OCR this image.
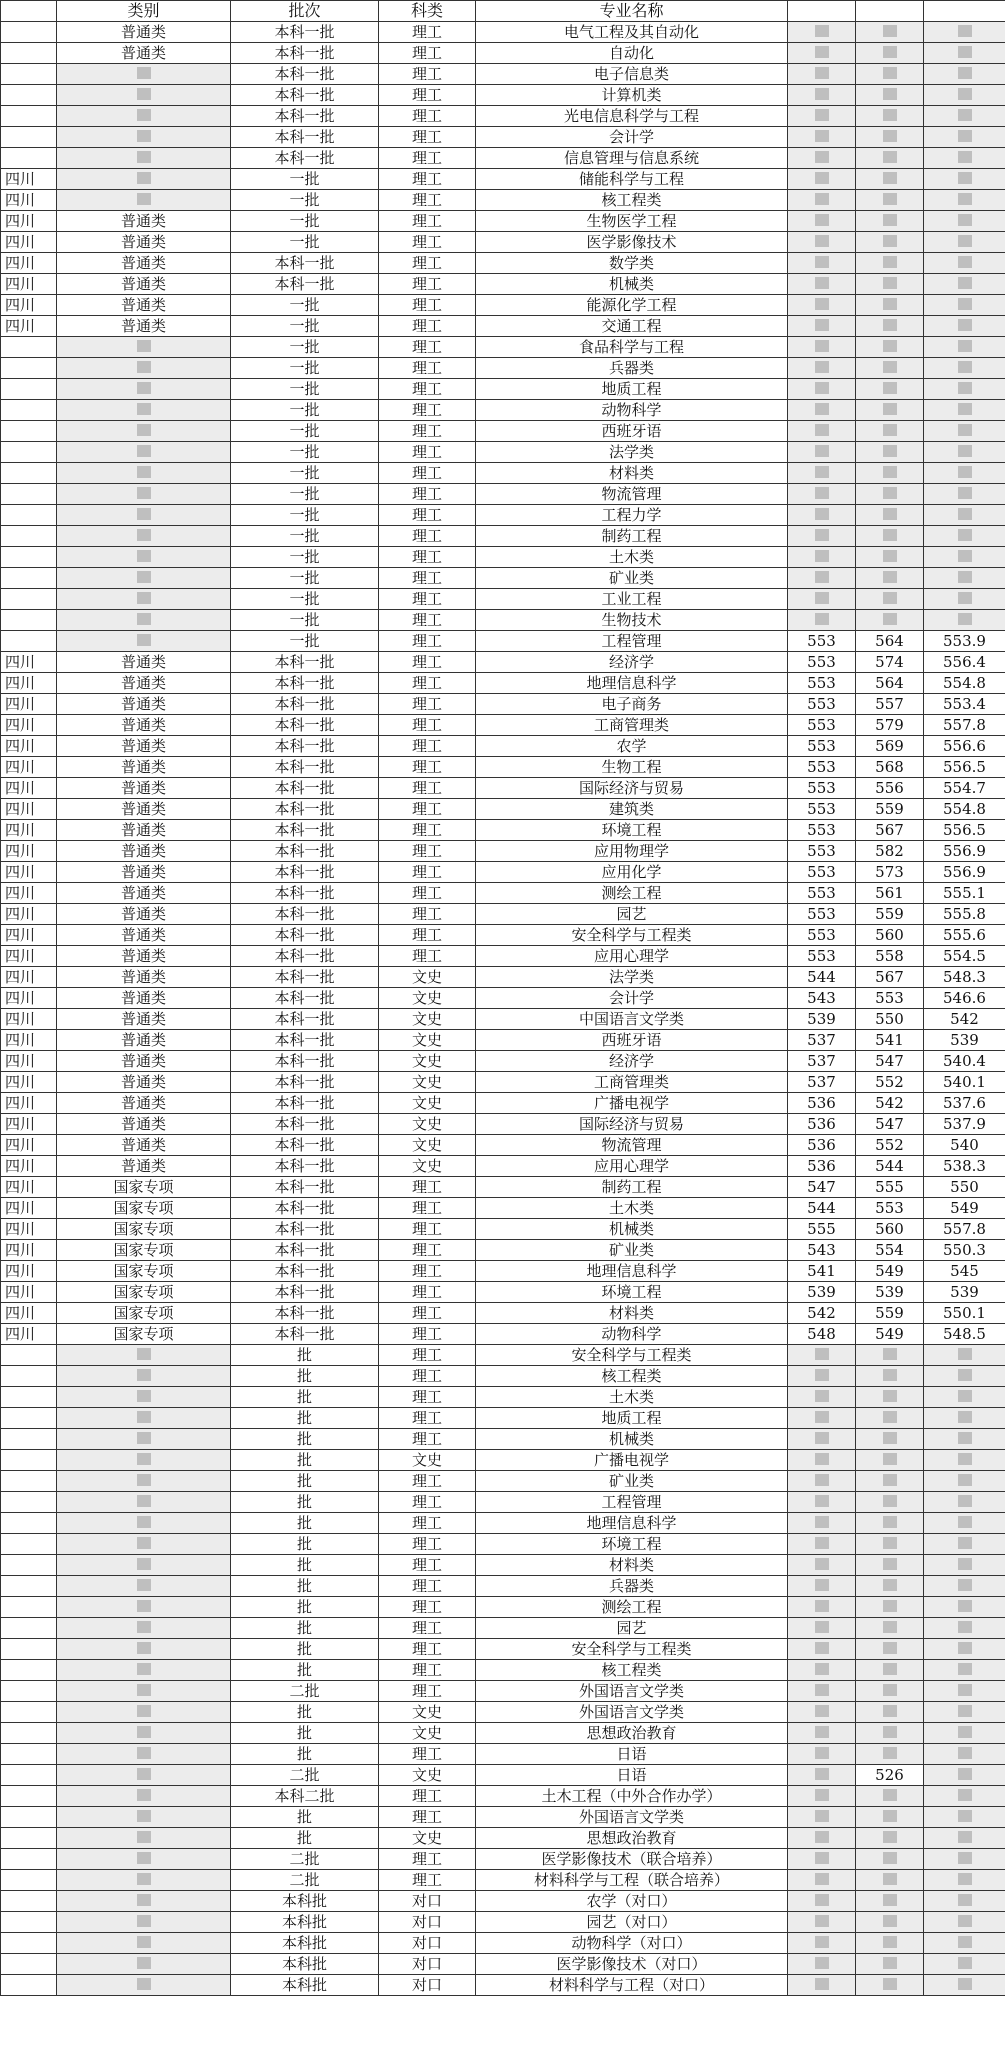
	类别	批次	科类	专业名称			
	普通类	本科一批	理工	电气工程及其自动化			
	普通类	本科一批	理工	自动化			
		本科一批	理工	电子信息类			
		本科一批	理工	计算机类			
		本科一批	理工	光电信息科学与工程			
		本科一批	理工	会计学			
		本科一批	理工	信息管理与信息系统			
四川		一批	理工	储能科学与工程			
四川		一批	理工	核工程类			
四川	普通类	一批	理工	生物医学工程			
四川	普通类	一批	理工	医学影像技术			
四川	普通类	本科一批	理工	数学类			
四川	普通类	本科一批	理工	机械类			
四川	普通类	一批	理工	能源化学工程			
四川	普通类	一批	理工	交通工程			
		一批	理工	食品科学与工程			
		一批	理工	兵器类			
		一批	理工	地质工程			
		一批	理工	动物科学			
		一批	理工	西班牙语			
		一批	理工	法学类			
		一批	理工	材料类			
		一批	理工	物流管理			
		一批	理工	工程力学			
		一批	理工	制药工程			
		一批	理工	土木类			
		一批	理工	矿业类			
		一批	理工	工业工程			
		一批	理工	生物技术			
		一批	理工	工程管理	553	564	553.9
四川	普通类	本科一批	理工	经济学	553	574	556.4
四川	普通类	本科一批	理工	地理信息科学	553	564	554.8
四川	普通类	本科一批	理工	电子商务	553	557	553.4
四川	普通类	本科一批	理工	工商管理类	553	579	557.8
四川	普通类	本科一批	理工	农学	553	569	556.6
四川	普通类	本科一批	理工	生物工程	553	568	556.5
四川	普通类	本科一批	理工	国际经济与贸易	553	556	554.7
四川	普通类	本科一批	理工	建筑类	553	559	554.8
四川	普通类	本科一批	理工	环境工程	553	567	556.5
四川	普通类	本科一批	理工	应用物理学	553	582	556.9
四川	普通类	本科一批	理工	应用化学	553	573	556.9
四川	普通类	本科一批	理工	测绘工程	553	561	555.1
四川	普通类	本科一批	理工	园艺	553	559	555.8
四川	普通类	本科一批	理工	安全科学与工程类	553	560	555.6
四川	普通类	本科一批	理工	应用心理学	553	558	554.5
四川	普通类	本科一批	文史	法学类	544	567	548.3
四川	普通类	本科一批	文史	会计学	543	553	546.6
四川	普通类	本科一批	文史	中国语言文学类	539	550	542
四川	普通类	本科一批	文史	西班牙语	537	541	539
四川	普通类	本科一批	文史	经济学	537	547	540.4
四川	普通类	本科一批	文史	工商管理类	537	552	540.1
四川	普通类	本科一批	文史	广播电视学	536	542	537.6
四川	普通类	本科一批	文史	国际经济与贸易	536	547	537.9
四川	普通类	本科一批	文史	物流管理	536	552	540
四川	普通类	本科一批	文史	应用心理学	536	544	538.3
四川	国家专项	本科一批	理工	制药工程	547	555	550
四川	国家专项	本科一批	理工	土木类	544	553	549
四川	国家专项	本科一批	理工	机械类	555	560	557.8
四川	国家专项	本科一批	理工	矿业类	543	554	550.3
四川	国家专项	本科一批	理工	地理信息科学	541	549	545
四川	国家专项	本科一批	理工	环境工程	539	539	539
四川	国家专项	本科一批	理工	材料类	542	559	550.1
四川	国家专项	本科一批	理工	动物科学	548	549	548.5
		批	理工	安全科学与工程类			
		批	理工	核工程类			
		批	理工	土木类			
		批	理工	地质工程			
		批	理工	机械类			
		批	文史	广播电视学			
		批	理工	矿业类			
		批	理工	工程管理			
		批	理工	地理信息科学			
		批	理工	环境工程			
		批	理工	材料类			
		批	理工	兵器类			
		批	理工	测绘工程			
		批	理工	园艺			
		批	理工	安全科学与工程类			
		批	理工	核工程类			
		二批	理工	外国语言文学类			
		批	文史	外国语言文学类			
		批	文史	思想政治教育			
		批	理工	日语			
		二批	文史	日语		526	
		本科二批	理工	土木工程（中外合作办学）			
		批	理工	外国语言文学类			
		批	文史	思想政治教育			
		二批	理工	医学影像技术（联合培养）			
		二批	理工	材料科学与工程（联合培养）			
		本科批	对口	农学（对口）			
		本科批	对口	园艺（对口）			
		本科批	对口	动物科学（对口）			
		本科批	对口	医学影像技术（对口）			
		本科批	对口	材料科学与工程（对口）			
